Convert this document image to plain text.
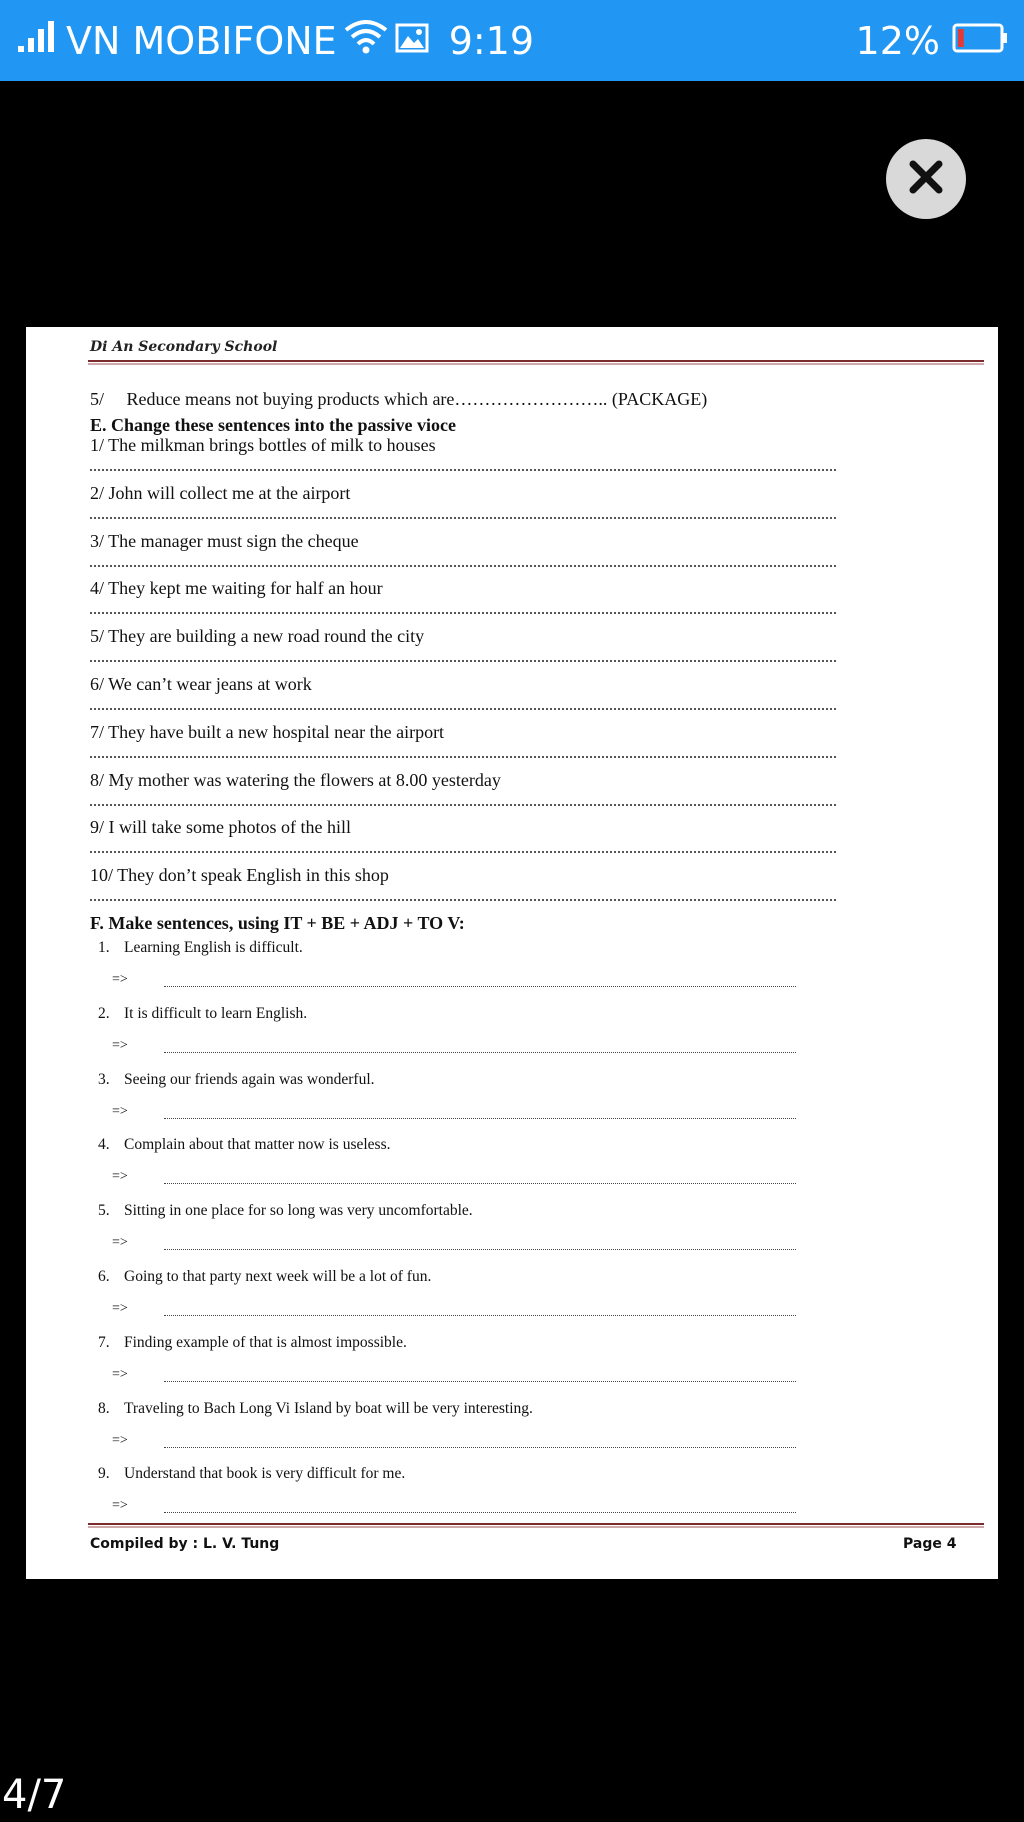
VN MOBIFONE	9:19	12%
Di An Secondary School
5/     Reduce means not buying products which are…………………….. (PACKAGE)
E. Change these sentences into the passive vioce
1/ The milkman brings bottles of milk to houses
2/ John will collect me at the airport
3/ The manager must sign the cheque
4/ They kept me waiting for half an hour
5/ They are building a new road round the city
6/ We can’t wear jeans at work
7/ They have built a new hospital near the airport
8/ My mother was watering the flowers at 8.00 yesterday
9/ I will take some photos of the hill
10/ They don’t speak English in this shop
F. Make sentences, using IT + BE + ADJ + TO V:
1. Learning English is difficult.
=>
2. It is difficult to learn English.
=>
3. Seeing our friends again was wonderful.
=>
4. Complain about that matter now is useless.
=>
5. Sitting in one place for so long was very uncomfortable.
=>
6. Going to that party next week will be a lot of fun.
=>
7. Finding example of that is almost impossible.
=>
8. Traveling to Bach Long Vi Island by boat will be very interesting.
=>
9. Understand that book is very difficult for me.
=>
Compiled by : L. V. Tung	Page 4
4/7
